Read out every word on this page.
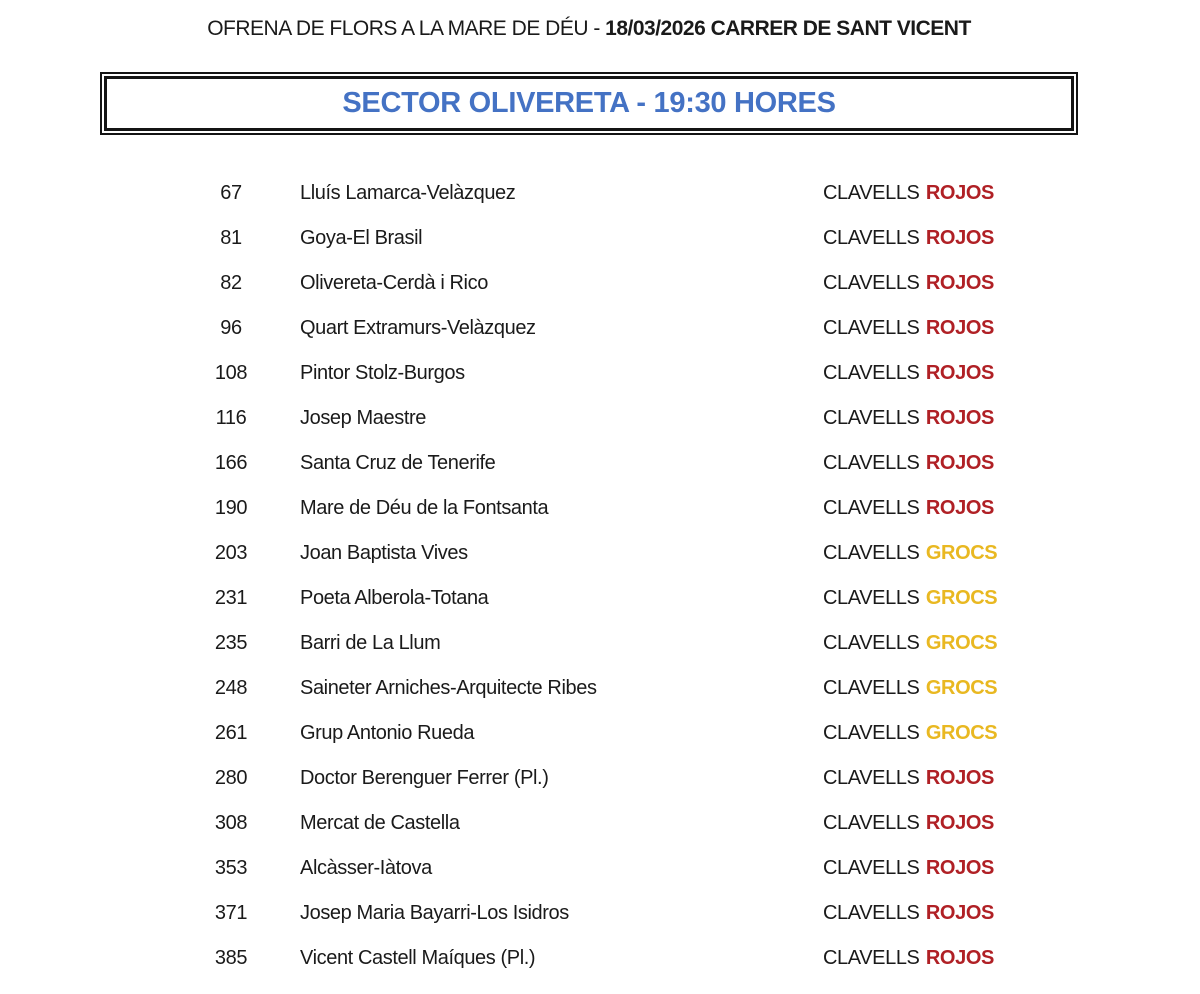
OFRENA DE FLORS A LA MARE DE DÉU - 18/03/2026 CARRER DE SANT VICENT
SECTOR OLIVERETA - 19:30 HORES
67	Lluís Lamarca-Velàzquez	CLAVELLS ROJOS
81	Goya-El Brasil	CLAVELLS ROJOS
82	Olivereta-Cerdà i Rico	CLAVELLS ROJOS
96	Quart Extramurs-Velàzquez	CLAVELLS ROJOS
108	Pintor Stolz-Burgos	CLAVELLS ROJOS
116	Josep Maestre	CLAVELLS ROJOS
166	Santa Cruz de Tenerife	CLAVELLS ROJOS
190	Mare de Déu de la Fontsanta	CLAVELLS ROJOS
203	Joan Baptista Vives	CLAVELLS GROCS
231	Poeta Alberola-Totana	CLAVELLS GROCS
235	Barri de La Llum	CLAVELLS GROCS
248	Saineter Arniches-Arquitecte Ribes	CLAVELLS GROCS
261	Grup Antonio Rueda	CLAVELLS GROCS
280	Doctor Berenguer Ferrer (Pl.)	CLAVELLS ROJOS
308	Mercat de Castella	CLAVELLS ROJOS
353	Alcàsser-Iàtova	CLAVELLS ROJOS
371	Josep Maria Bayarri-Los Isidros	CLAVELLS ROJOS
385	Vicent Castell Maíques (Pl.)	CLAVELLS ROJOS
